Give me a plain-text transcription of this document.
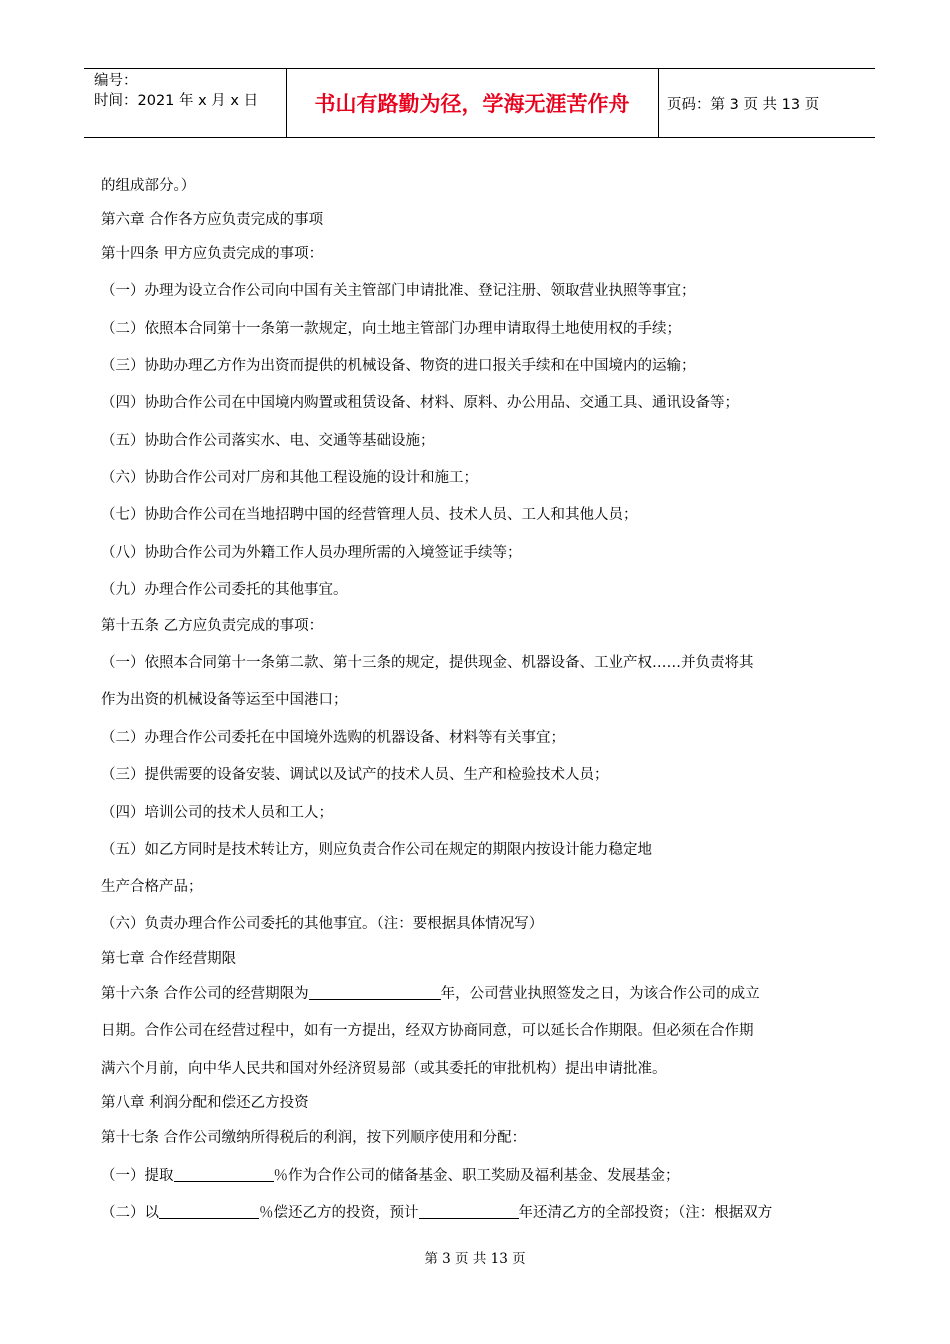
编号：
时间：2021 年 x 月 x 日	书山有路勤为径，学海无涯苦作舟	页码：第 3 页 共 13 页
的组成部分。）
第六章 合作各方应负责完成的事项
第十四条 甲方应负责完成的事项：
（一）办理为设立合作公司向中国有关主管部门申请批准、登记注册、领取营业执照等事宜；
（二）依照本合同第十一条第一款规定，向土地主管部门办理申请取得土地使用权的手续；
（三）协助办理乙方作为出资而提供的机械设备、物资的进口报关手续和在中国境内的运输；
（四）协助合作公司在中国境内购置或租赁设备、材料、原料、办公用品、交通工具、通讯设备等；
（五）协助合作公司落实水、电、交通等基础设施；
（六）协助合作公司对厂房和其他工程设施的设计和施工；
（七）协助合作公司在当地招聘中国的经营管理人员、技术人员、工人和其他人员；
（八）协助合作公司为外籍工作人员办理所需的入境签证手续等；
（九）办理合作公司委托的其他事宜。
第十五条 乙方应负责完成的事项：
（一）依照本合同第十一条第二款、第十三条的规定，提供现金、机器设备、工业产权……并负责将其
作为出资的机械设备等运至中国港口；
（二）办理合作公司委托在中国境外选购的机器设备、材料等有关事宜；
（三）提供需要的设备安装、调试以及试产的技术人员、生产和检验技术人员；
（四）培训公司的技术人员和工人；
（五）如乙方同时是技术转让方，则应负责合作公司在规定的期限内按设计能力稳定地
生产合格产品；
（六）负责办理合作公司委托的其他事宜。（注：要根据具体情况写）
第七章 合作经营期限
第十六条 合作公司的经营期限为	年，公司营业执照签发之日，为该合作公司的成立
日期。合作公司在经营过程中，如有一方提出，经双方协商同意，可以延长合作期限。但必须在合作期
满六个月前，向中华人民共和国对外经济贸易部（或其委托的审批机构）提出申请批准。
第八章 利润分配和偿还乙方投资
第十七条 合作公司缴纳所得税后的利润，按下列顺序使用和分配：
（一）提取	％作为合作公司的储备基金、职工奖励及福利基金、发展基金；
（二）以	％偿还乙方的投资，预计	年还清乙方的全部投资；（注：根据双方
第 3 页 共 13 页
